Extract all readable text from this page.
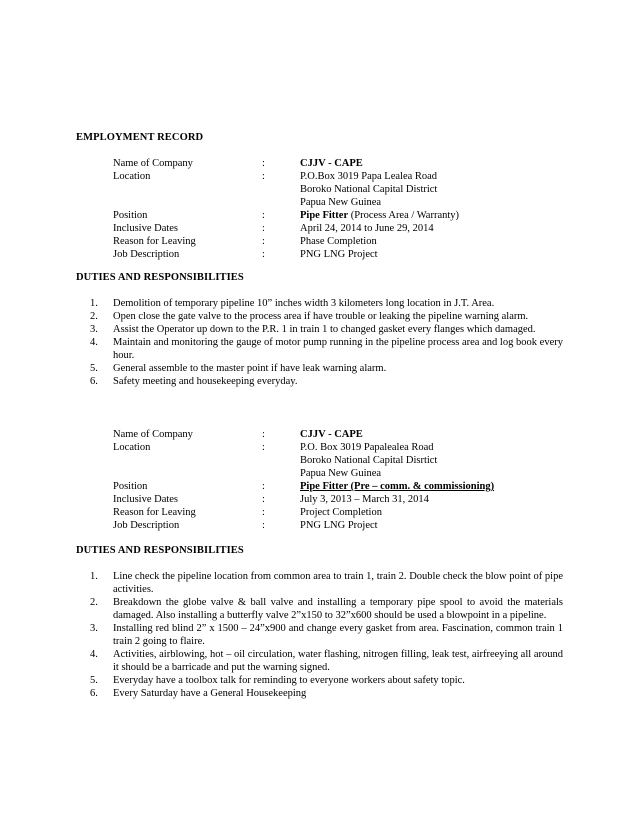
EMPLOYMENT RECORD
Name of Company	:	CJJV - CAPE
Location	:	P.O.Box 3019 Papa Lealea Road
Boroko National Capital District
Papua New Guinea
Position	:	Pipe Fitter (Process Area / Warranty)
Inclusive Dates	:	April 24, 2014 to June 29, 2014
Reason for Leaving	:	Phase Completion
Job Description	:	PNG LNG Project
DUTIES AND RESPONSIBILITIES
1. Demolition of temporary pipeline 10” inches width 3 kilometers long location in J.T. Area.
2. Open close the gate valve to the process area if have trouble or leaking the pipeline warning alarm.
3. Assist the Operator up down to the P.R. 1 in train 1 to changed gasket every flanges which damaged.
4. Maintain and monitoring the gauge of motor pump running in the pipeline process area and log book every hour.
5. General assemble to the master point if have leak warning alarm.
6. Safety meeting and housekeeping everyday.
Name of Company	:	CJJV - CAPE
Location	:	P.O. Box 3019 Papalealea Road
Boroko National Capital Disrtict
Papua New Guinea
Position	:	Pipe Fitter (Pre – comm. & commissioning)
Inclusive Dates	:	July 3, 2013 – March 31, 2014
Reason for Leaving	:	Project Completion
Job Description	:	PNG LNG Project
DUTIES AND RESPONSIBILITIES
1. Line check the pipeline location from common area to train 1, train 2. Double check the blow point of pipe activities.
2. Breakdown the globe valve & ball valve and installing a temporary pipe spool to avoid the materials damaged. Also installing a butterfly valve 2”x150 to 32”x600 should be used a blowpoint in a pipeline.
3. Installing red blind 2” x 1500 – 24”x900 and change every gasket from area. Fascination, common train 1 train 2 going to flaire.
4. Activities, airblowing, hot – oil circulation, water flashing, nitrogen filling, leak test, airfreeying all around it should be a barricade and put the warning signed.
5. Everyday have a toolbox talk for reminding to everyone workers about safety topic.
6. Every Saturday have a General Housekeeping
